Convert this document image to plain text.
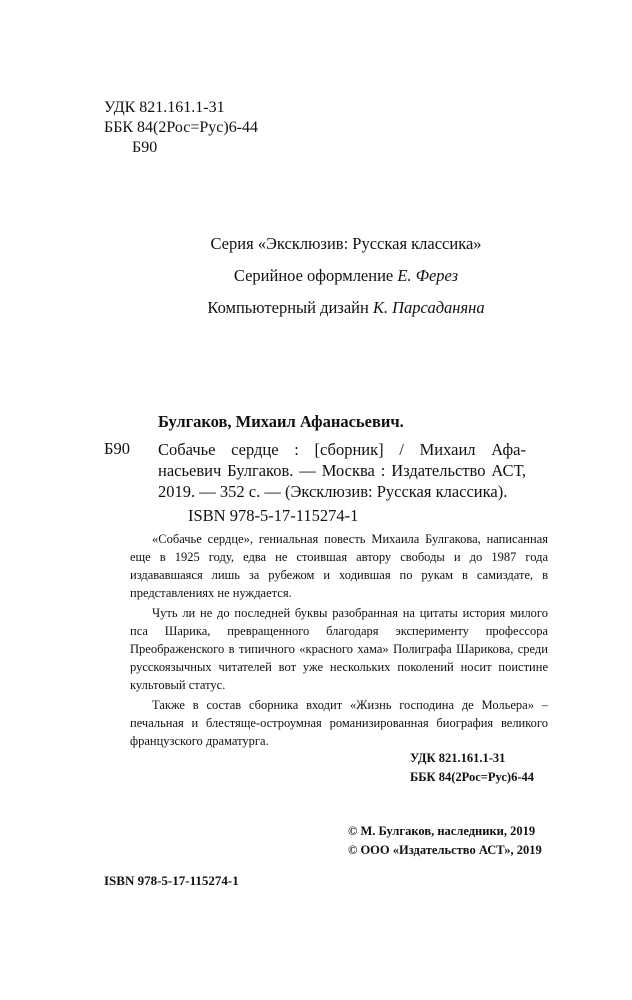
УДК 821.161.1-31
ББК 84(2Рос=Рус)6-44
Б90
Серия «Эксклюзив: Русская классика»
Серийное оформление Е. Ферез
Компьютерный дизайн К. Парсаданяна
Булгаков, Михаил Афанасьевич.
Б90 Собачье сердце : [сборник] / Михаил Афа-
насьевич Булгаков. — Москва : Издательство АСТ,
2019. — 352 с. — (Эксклюзив: Русская классика).
ISBN 978-5-17-115274-1

«Собачье сердце», гениальная повесть Михаила Булгакова, написанная еще в 1925 году, едва не стоившая автору свободы и до 1987 года издававшаяся лишь за рубежом и ходившая по рукам в самиздате, в представлениях не нуждается.

Чуть ли не до последней буквы разобранная на цитаты история милого пса Шарика, превращенного благодаря эксперименту профессора Преображенского в типичного «красного хама» Полиграфа Шарикова, среди русскоязычных читателей вот уже нескольких поколений носит поистине культовый статус.

Также в состав сборника входит «Жизнь господина де Мольера» – печальная и блестяще-остроумная романизированная биография великого французского драматурга.

УДК 821.161.1-31
ББК 84(2Рос=Рус)6-44
ISBN 978-5-17-115274-1
© М. Булгаков, наследники, 2019
© ООО «Издательство АСТ», 2019
